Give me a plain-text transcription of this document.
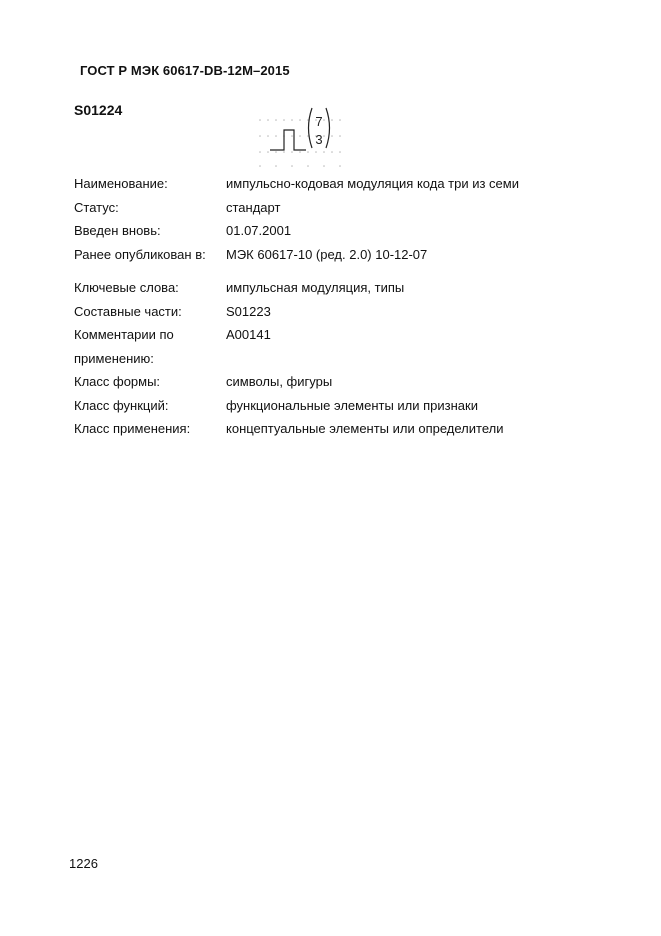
ГОСТ Р МЭК 60617-DB-12M–2015
S01224
7
3
Наименование:	импульсно-кодовая модуляция кода три из семи
Статус:	стандарт
Введен вновь:	01.07.2001
Ранее опубликован в:	МЭК 60617-10 (ред. 2.0) 10-12-07
Ключевые слова:	импульсная модуляция, типы
Составные части:	S01223
Комментарии по применению:
A00141
Класс формы:	символы, фигуры
Класс функций:	функциональные элементы или признаки
Класс применения:	концептуальные элементы или определители
1226
